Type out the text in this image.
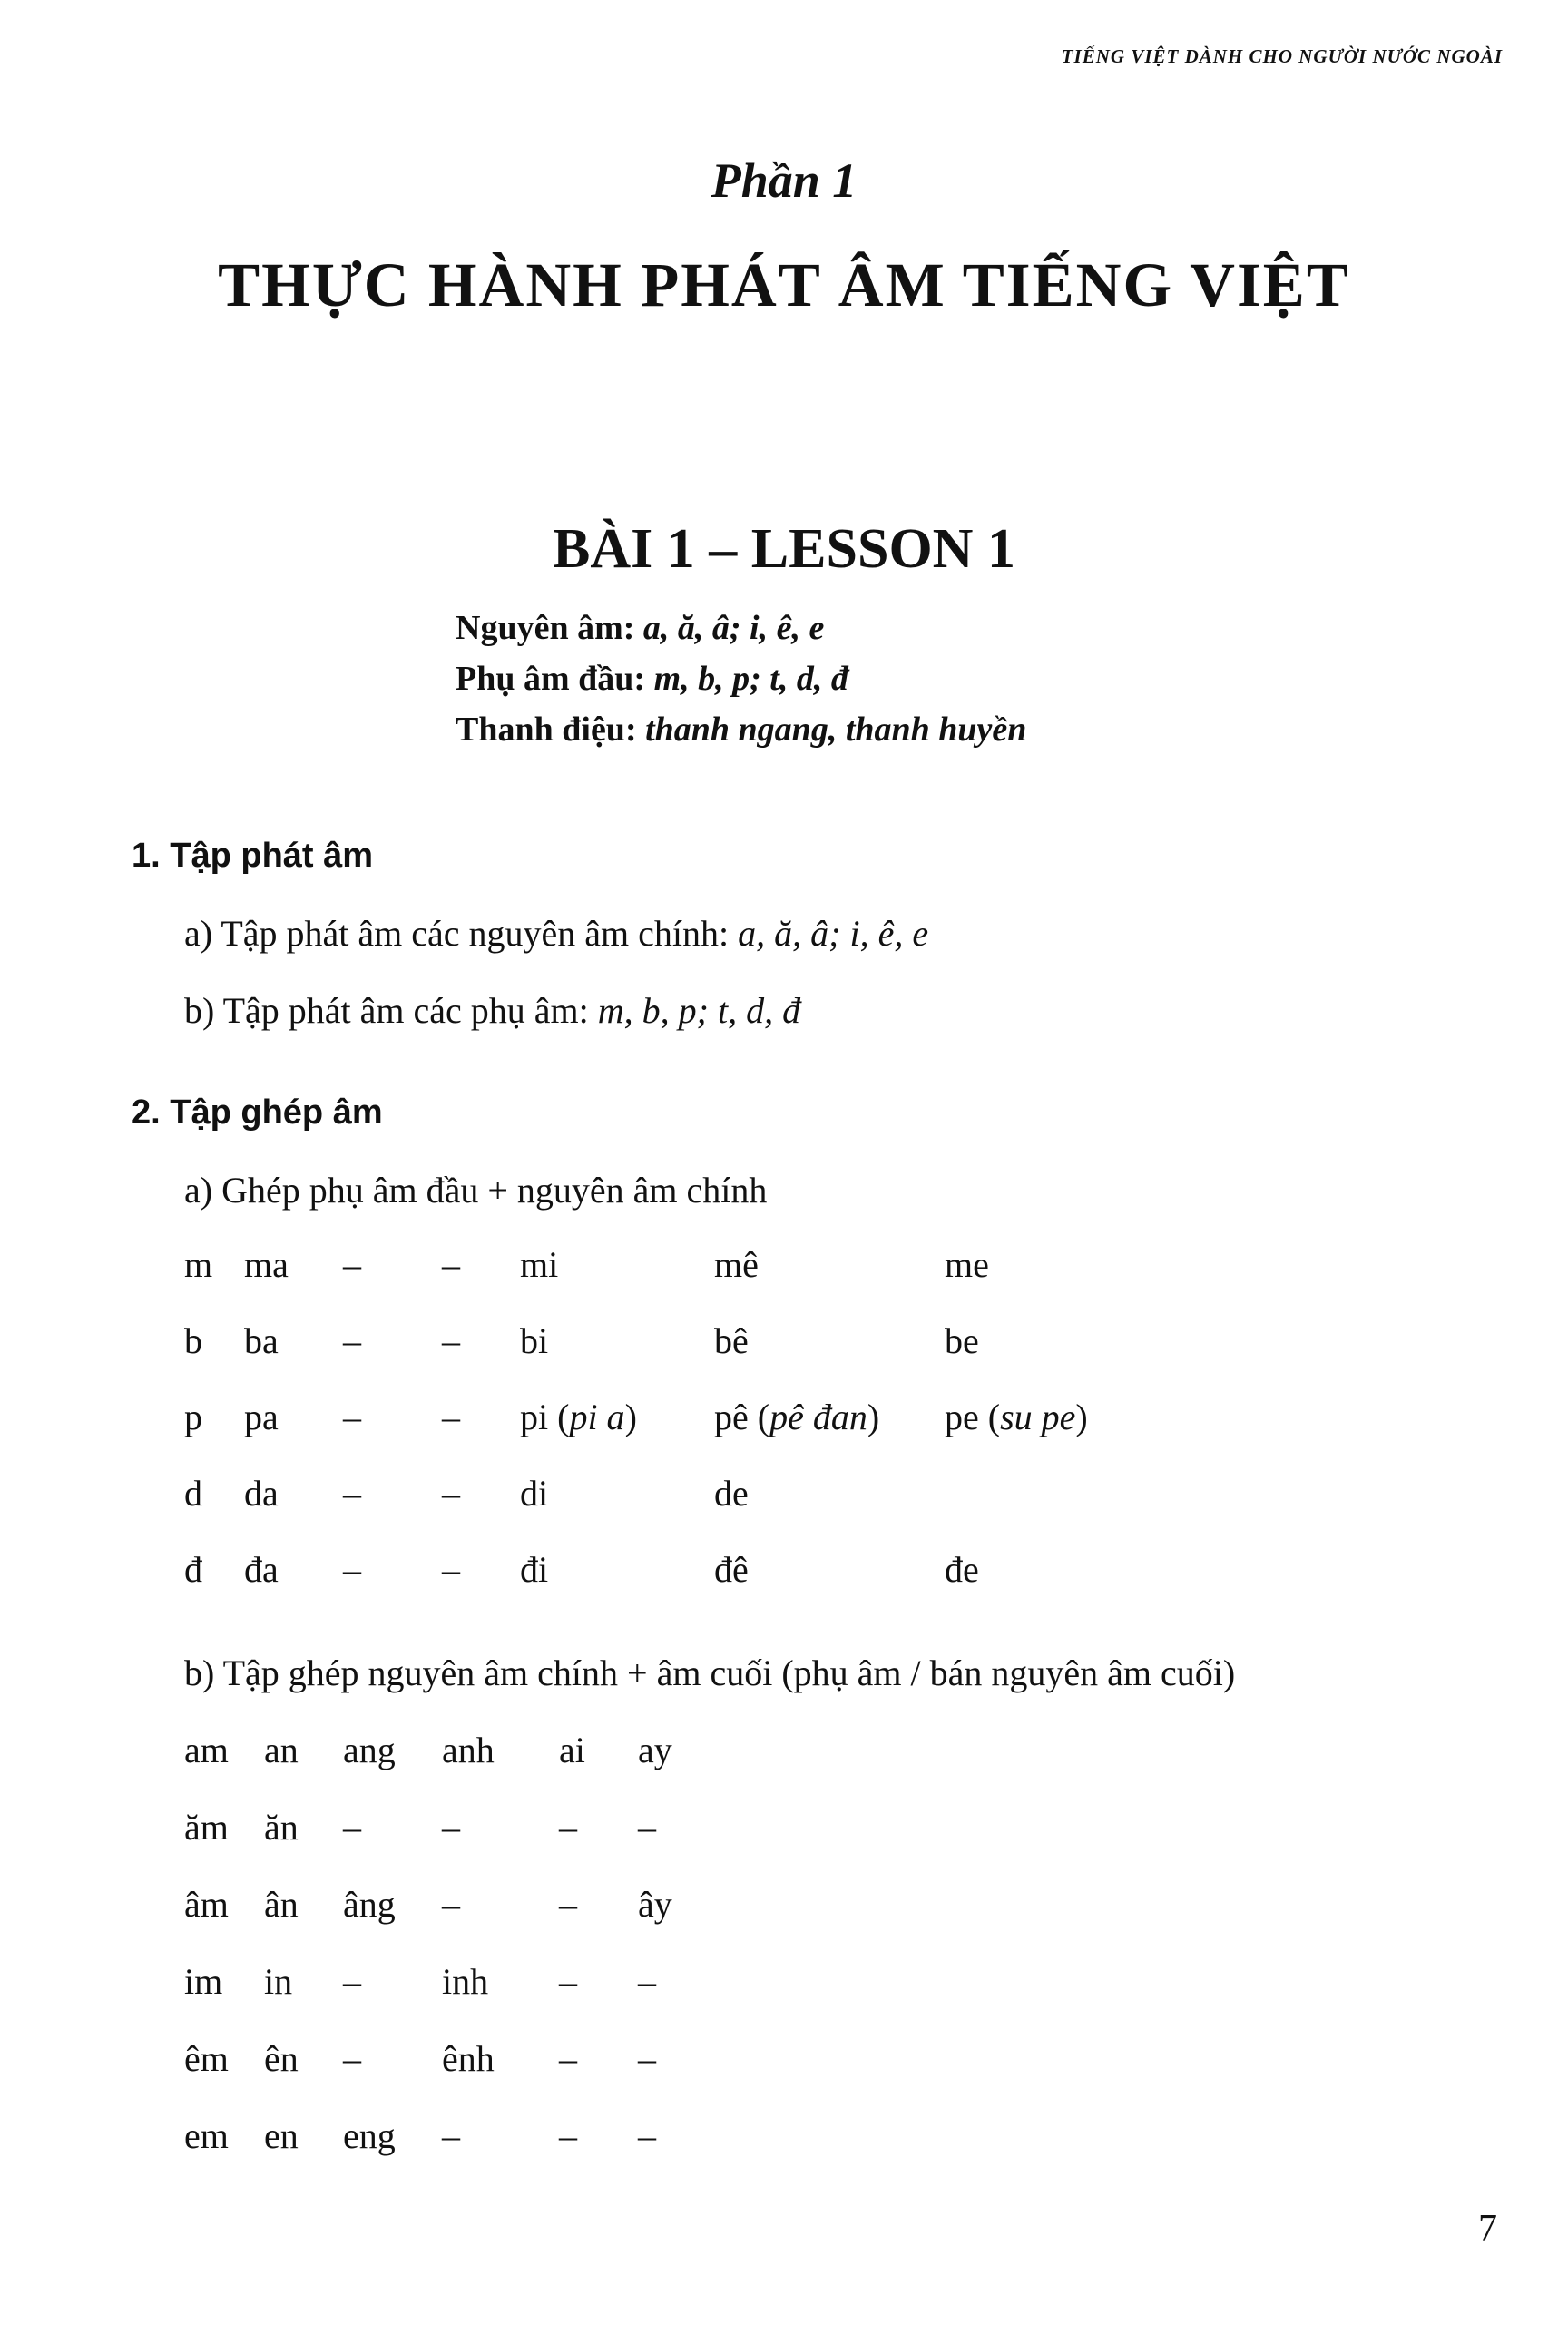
TIẾNG VIỆT DÀNH CHO NGƯỜI NƯỚC NGOÀI
Phần 1
THỰC HÀNH PHÁT ÂM TIẾNG VIỆT
BÀI 1 – LESSON 1
Nguyên âm: a, ă, â; i, ê, e
Phụ âm đầu: m, b, p; t, d, đ
Thanh điệu: thanh ngang, thanh huyền
1. Tập phát âm
a) Tập phát âm các nguyên âm chính: a, ă, â; i, ê, e
b) Tập phát âm các phụ âm: m, b, p; t, d, đ
2. Tập ghép âm
a) Ghép phụ âm đầu + nguyên âm chính
m ma – – mi	mê	me
b ba – – bi	bê	be
p pa – – pi (pi a) pê (pê đan) pe (su pe)
d da – – di	de
đ đa – – đi	đê	đe
b) Tập ghép nguyên âm chính + âm cuối (phụ âm / bán nguyên âm cuối)
am an ang anh ai ay
ăm ăn – –	– –
âm ân âng –	– ây
im in – inh – –
êm ên – ênh – –
em en eng –	– –
7
